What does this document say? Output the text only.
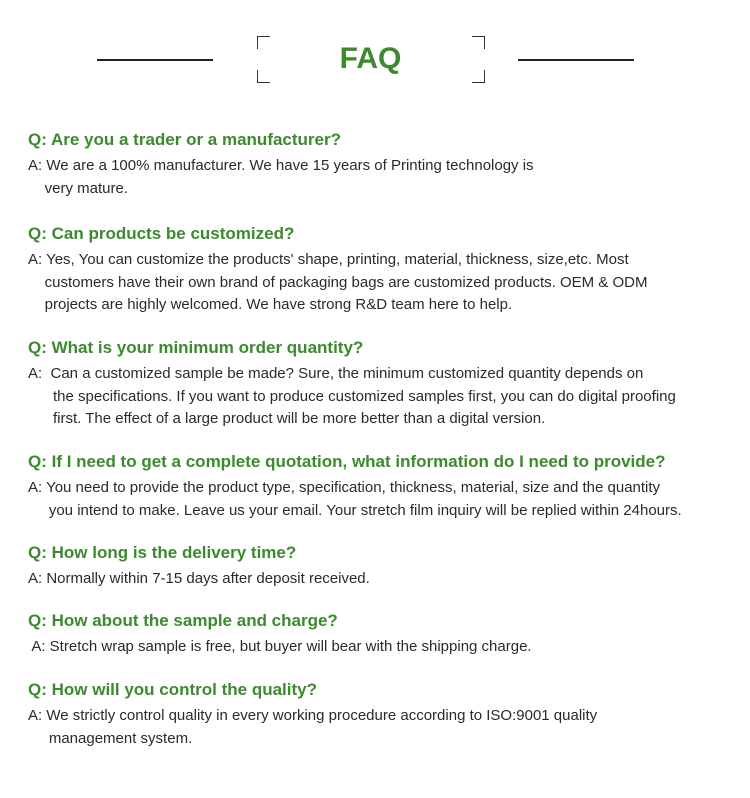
FAQ

Q: Are you a trader or a manufacturer?

A: We are a 100% manufacturer. We have 15 years of Printing technology is
very mature.

Q: Can products be customized?

A: Yes, You can customize the products' shape, printing, material, thickness, size,etc. Most
customers have their own brand of packaging bags are customized products. OEM & ODM
projects are highly welcomed. We have strong R&D team here to help.

Q: What is your minimum order quantity?

A:  Can a customized sample be made? Sure, the minimum customized quantity depends on
the specifications. If you want to produce customized samples first, you can do digital proofing
first. The effect of a large product will be more better than a digital version.

Q: If I need to get a complete quotation, what information do I need to provide?

A: You need to provide the product type, specification, thickness, material, size and the quantity
you intend to make. Leave us your email. Your stretch film inquiry will be replied within 24hours.

Q: How long is the delivery time?

A: Normally within 7-15 days after deposit received.

Q: How about the sample and charge?

A: Stretch wrap sample is free, but buyer will bear with the shipping charge.

Q: How will you control the quality?

A: We strictly control quality in every working procedure according to ISO:9001 quality
management system.
